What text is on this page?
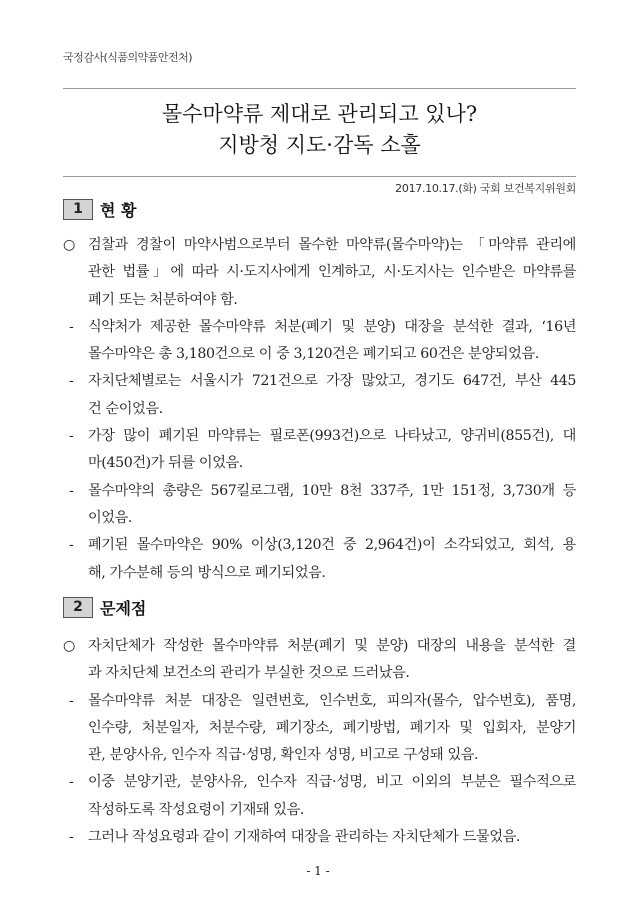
국정감사(식품의약품안전처)
몰수마약류 제대로 관리되고 있나?
지방청 지도·감독 소홀
2017.10.17.(화) 국회 보건복지위원회
1	현 황
○ 검찰과 경찰이 마약사범으로부터 몰수한 마약류(몰수마약)는 「마약류 관리에
관한 법률」에 따라 시·도지사에게 인계하고, 시·도지사는 인수받은 마약류를
폐기 또는 처분하여야 함.
-	식약처가 제공한 몰수마약류 처분(폐기 및 분양) 대장을 분석한 결과, ‘16년
몰수마약은 총 3,180건으로 이 중 3,120건은 폐기되고 60건은 분양되었음.
-	자치단체별로는 서울시가 721건으로 가장 많았고, 경기도 647건, 부산 445
건 순이었음.
-	가장 많이 폐기된 마약류는 필로폰(993건)으로 나타났고, 양귀비(855건), 대
마(450건)가 뒤를 이었음.
-	몰수마약의 총량은 567킬로그램, 10만 8천 337주, 1만 151정, 3,730개 등
이었음.
-	폐기된 몰수마약은 90% 이상(3,120건 중 2,964건)이 소각되었고, 회석, 용
해, 가수분해 등의 방식으로 폐기되었음.
2	문제점
○ 자치단체가 작성한 몰수마약류 처분(폐기 및 분양) 대장의 내용을 분석한 결
과 자치단체 보건소의 관리가 부실한 것으로 드러났음.
-	몰수마약류 처분 대장은 일련번호, 인수번호, 피의자(몰수, 압수번호), 품명,
인수량, 처분일자, 처분수량, 폐기장소, 폐기방법, 폐기자 및 입회자, 분양기
관, 분양사유, 인수자 직급·성명, 확인자 성명, 비고로 구성돼 있음.
-	이중 분양기관, 분양사유, 인수자 직급·성명, 비고 이외의 부분은 필수적으로
작성하도록 작성요령이 기재돼 있음.
-	그러나 작성요령과 같이 기재하여 대장을 관리하는 자치단체가 드물었음.
- 1 -
